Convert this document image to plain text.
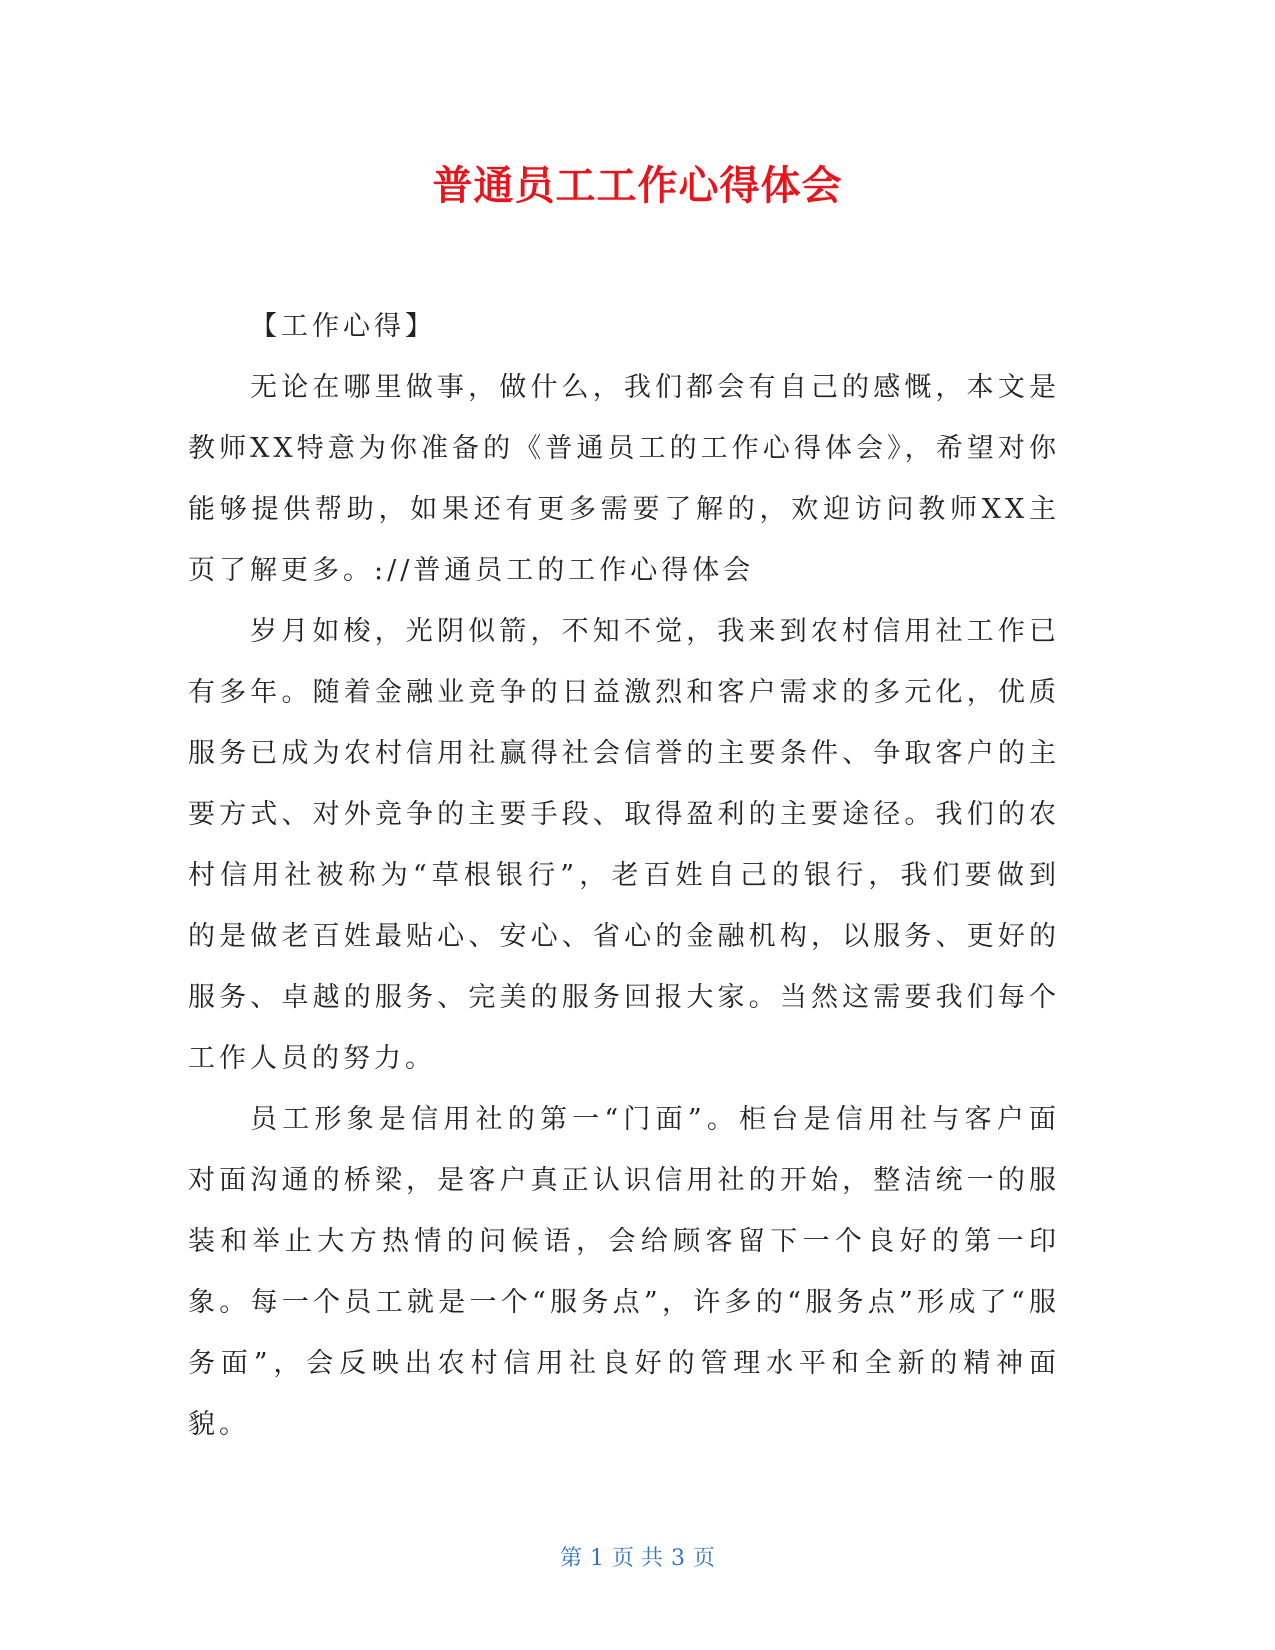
普通员工工作心得体会

【工作心得】

无论在哪里做事，做什么，我们都会有自己的感慨，本文是教师XX特意为你准备的《普通员工的工作心得体会》，希望对你能够提供帮助，如果还有更多需要了解的，欢迎访问教师XX主页了解更多。://普通员工的工作心得体会

岁月如梭，光阴似箭，不知不觉，我来到农村信用社工作已有多年。随着金融业竞争的日益激烈和客户需求的多元化，优质服务已成为农村信用社赢得社会信誉的主要条件、争取客户的主要方式、对外竞争的主要手段、取得盈利的主要途径。我们的农村信用社被称为“草根银行”，老百姓自己的银行，我们要做到的是做老百姓最贴心、安心、省心的金融机构，以服务、更好的服务、卓越的服务、完美的服务回报大家。当然这需要我们每个工作人员的努力。

员工形象是信用社的第一“门面”。柜台是信用社与客户面对面沟通的桥梁，是客户真正认识信用社的开始，整洁统一的服装和举止大方热情的问候语，会给顾客留下一个良好的第一印象。每一个员工就是一个“服务点”，许多的“服务点”形成了“服务面”，会反映出农村信用社良好的管理水平和全新的精神面貌。

第 1 页 共 3 页
